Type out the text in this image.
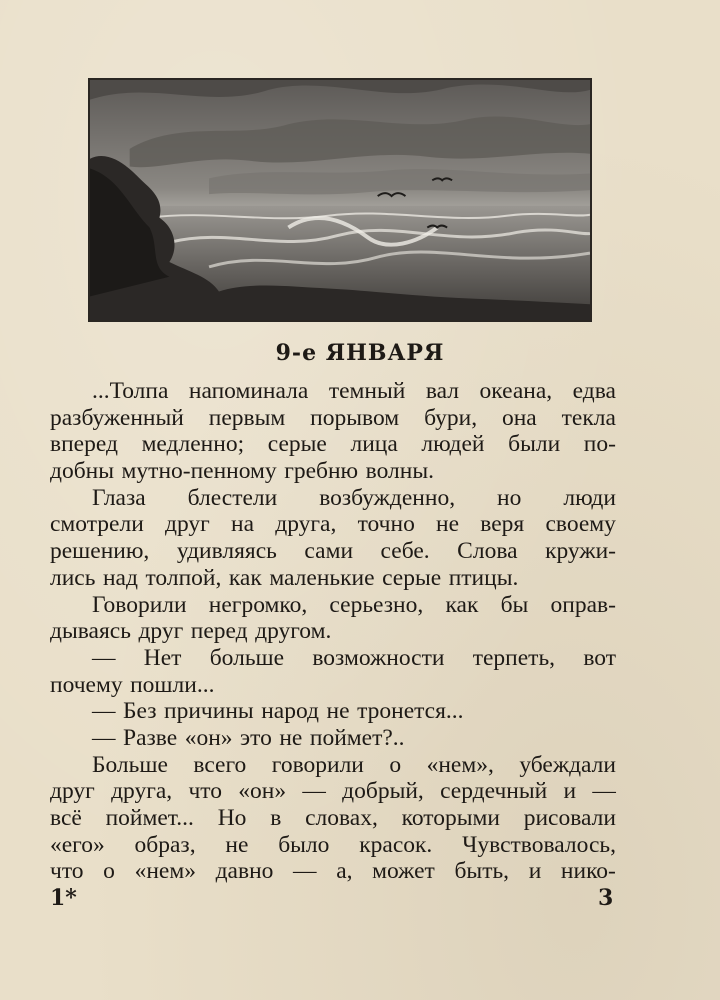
9-е ЯНВАРЯ
...Толпа напоминала темный вал океана, едва
разбуженный первым порывом бури, она текла
вперед медленно; серые лица людей были по-
добны мутно-пенному гребню волны.
Глаза блестели возбужденно, но люди
смотрели друг на друга, точно не веря своему
решению, удивляясь сами себе. Слова кружи-
лись над толпой, как маленькие серые птицы.
Говорили негромко, серьезно, как бы оправ-
дываясь друг перед другом.
— Нет больше возможности терпеть, вот
почему пошли...
— Без причины народ не тронется...
— Разве «он» это не поймет?..
Больше всего говорили о «нем», убеждали
друг друга, что «он» — добрый, сердечный и —
всё поймет... Но в словах, которыми рисовали
«его» образ, не было красок. Чувствовалось,
что о «нем» давно — а, может быть, и нико-
1*	3
